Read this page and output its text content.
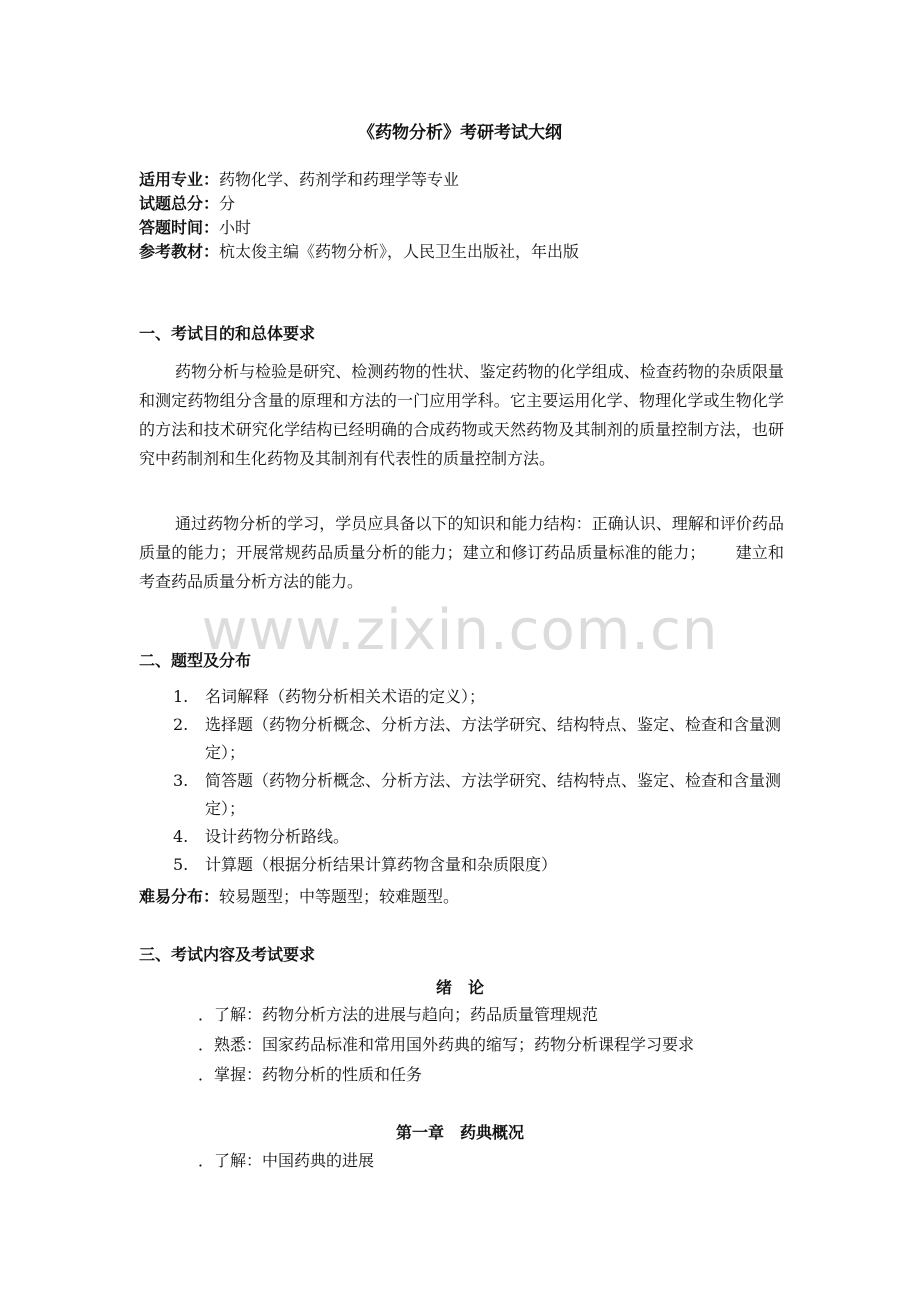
www.zixin.com.cn
《药物分析》考研考试大纲
适用专业：药物化学、药剂学和药理学等专业
试题总分：分
答题时间：小时
参考教材：杭太俊主编《药物分析》，人民卫生出版社，年出版
一、考试目的和总体要求
药物分析与检验是研究、检测药物的性状、鉴定药物的化学组成、检查药物的杂质限量和测定药物组分含量的原理和方法的一门应用学科。它主要运用化学、物理化学或生物化学的方法和技术研究化学结构已经明确的合成药物或天然药物及其制剂的质量控制方法，也研究中药制剂和生化药物及其制剂有代表性的质量控制方法。
通过药物分析的学习，学员应具备以下的知识和能力结构：正确认识、理解和评价药品质量的能力；开展常规药品质量分析的能力；建立和修订药品质量标准的能力； 建立和考查药品质量分析方法的能力。
二、题型及分布
1.	名词解释（药物分析相关术语的定义）；
2.	选择题（药物分析概念、分析方法、方法学研究、结构特点、鉴定、检查和含量测定）；
3.	简答题（药物分析概念、分析方法、方法学研究、结构特点、鉴定、检查和含量测定）；
4.	设计药物分析路线。
5.	计算题（根据分析结果计算药物含量和杂质限度）
难易分布：较易题型；中等题型；较难题型。
三、考试内容及考试要求
绪　论
．了解：药物分析方法的进展与趋向；药品质量管理规范
．熟悉：国家药品标准和常用国外药典的缩写；药物分析课程学习要求
．掌握：药物分析的性质和任务
第一章　药典概况
．了解：中国药典的进展
